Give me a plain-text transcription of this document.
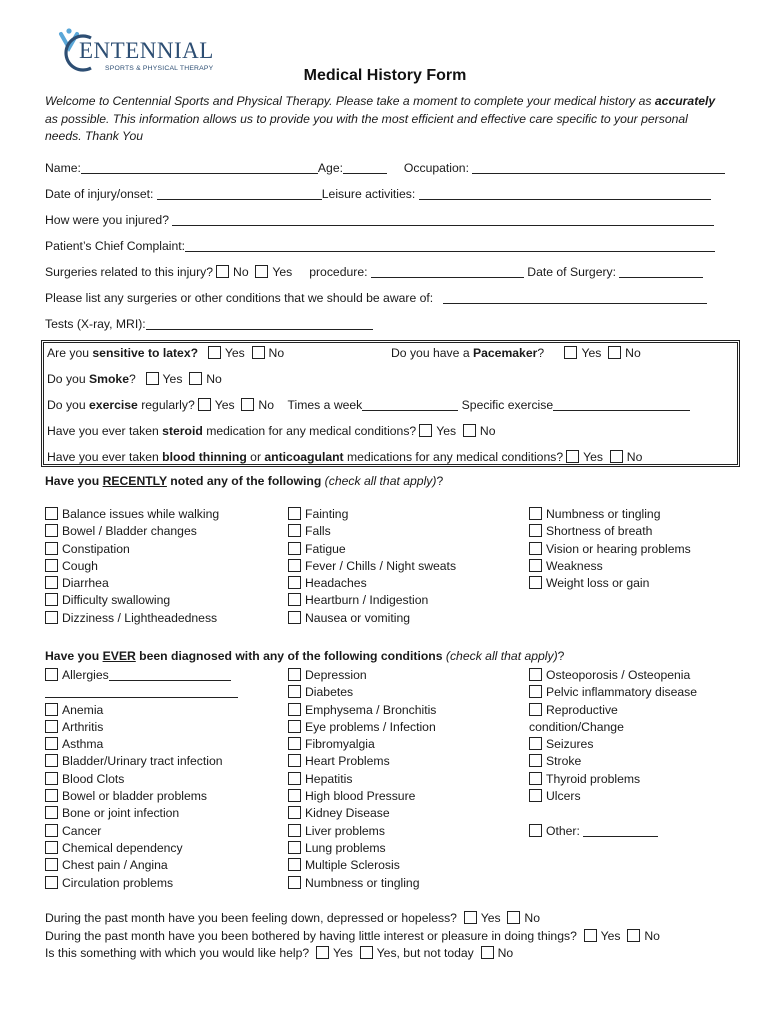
ENTENNIAL
SPORTS & PHYSICAL THERAPY	Medical History Form
Welcome to Centennial Sports and Physical Therapy. Please take a moment to complete your medical history as accurately as possible. This information allows us to provide you with the most efficient and effective care specific to your personal needs. Thank You
Name:	Age:	Occupation:
Date of injury/onset:	Leisure activities:
How were you injured?
Patient’s Chief Complaint:
Surgeries related to this injury? No Yes procedure:	Date of Surgery:
Please list any surgeries or other conditions that we should be aware of:
Tests (X-ray, MRI):
Are you sensitive to latex? Yes No	Do you have a Pacemaker?	Yes No
Do you Smoke? Yes No
Do you exercise regularly? Yes No Times a week	Specific exercise
Have you ever taken steroid medication for any medical conditions? Yes No
Have you ever taken blood thinning or anticoagulant medications for any medical conditions? Yes No
Have you RECENTLY noted any of the following (check all that apply)?
Balance issues while walking
Bowel / Bladder changes
Constipation
Cough
Diarrhea
Difficulty swallowing
Dizziness / Lightheadedness
Fainting
Falls
Fatigue
Fever / Chills / Night sweats
Headaches
Heartburn / Indigestion
Nausea or vomiting
Numbness or tingling
Shortness of breath
Vision or hearing problems
Weakness
Weight loss or gain
Have you EVER been diagnosed with any of the following conditions (check all that apply)?
Allergies
Anemia
Arthritis
Asthma
Bladder/Urinary tract infection
Blood Clots
Bowel or bladder problems
Bone or joint infection
Cancer
Chemical dependency
Chest pain / Angina
Circulation problems
Depression
Diabetes
Emphysema / Bronchitis
Eye problems / Infection
Fibromyalgia
Heart Problems
Hepatitis
High blood Pressure
Kidney Disease
Liver problems
Lung problems
Multiple Sclerosis
Numbness or tingling
Osteoporosis / Osteopenia
Pelvic inflammatory disease
Reproductive
condition/Change
Seizures
Stroke
Thyroid problems
Ulcers
Other:
During the past month have you been feeling down, depressed or hopeless? Yes No
During the past month have you been bothered by having little interest or pleasure in doing things? Yes No
Is this something with which you would like help? Yes Yes, but not today No
